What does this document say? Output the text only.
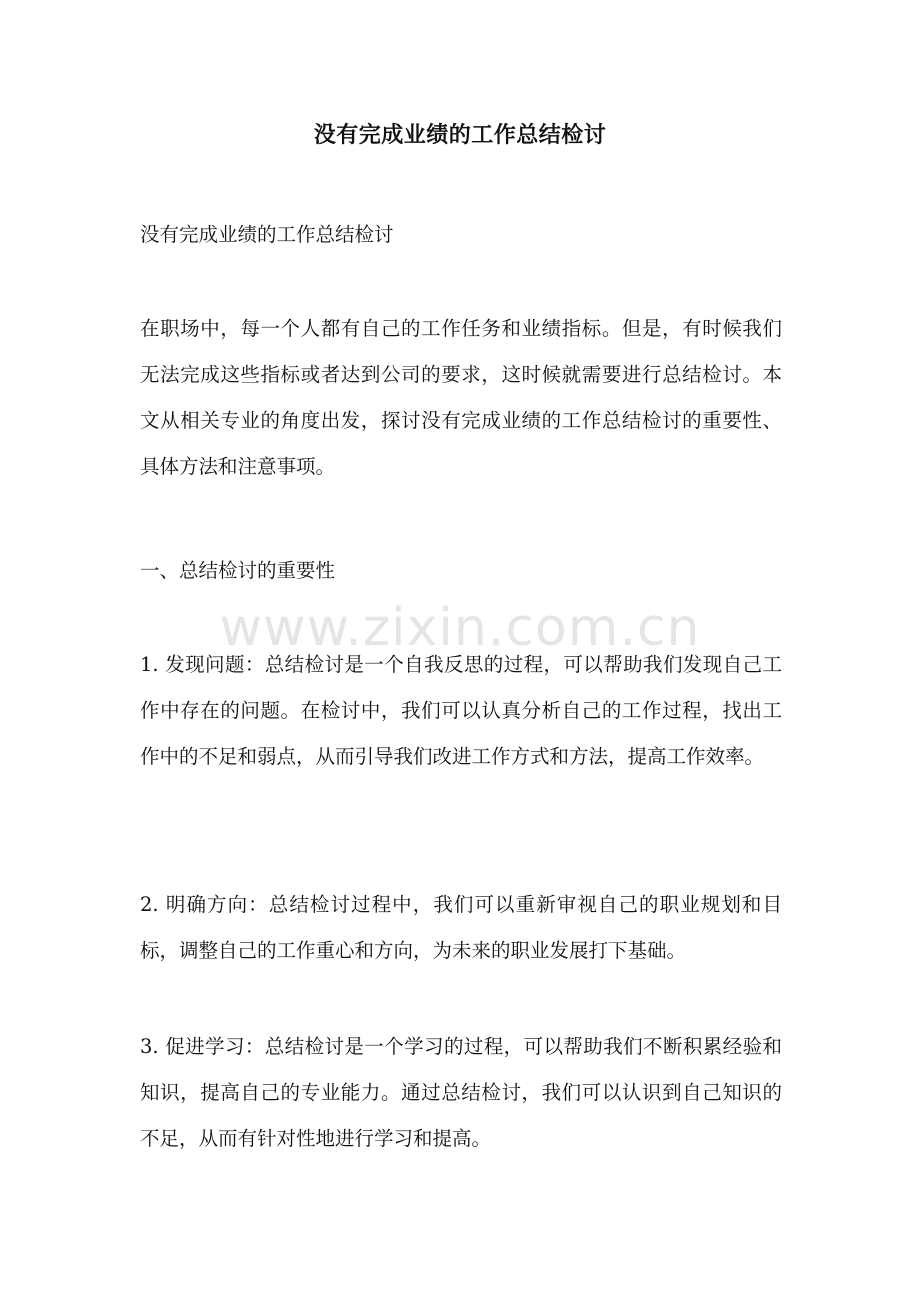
没有完成业绩的工作总结检讨
没有完成业绩的工作总结检讨
在职场中，每一个人都有自己的工作任务和业绩指标。但是，有时候我们无法完成这些指标或者达到公司的要求，这时候就需要进行总结检讨。本文从相关专业的角度出发，探讨没有完成业绩的工作总结检讨的重要性、具体方法和注意事项。
一、总结检讨的重要性
1. 发现问题：总结检讨是一个自我反思的过程，可以帮助我们发现自己工作中存在的问题。在检讨中，我们可以认真分析自己的工作过程，找出工作中的不足和弱点，从而引导我们改进工作方式和方法，提高工作效率。
2. 明确方向：总结检讨过程中，我们可以重新审视自己的职业规划和目标，调整自己的工作重心和方向，为未来的职业发展打下基础。
3. 促进学习：总结检讨是一个学习的过程，可以帮助我们不断积累经验和知识，提高自己的专业能力。通过总结检讨，我们可以认识到自己知识的不足，从而有针对性地进行学习和提高。
www.zixin.com.cn
